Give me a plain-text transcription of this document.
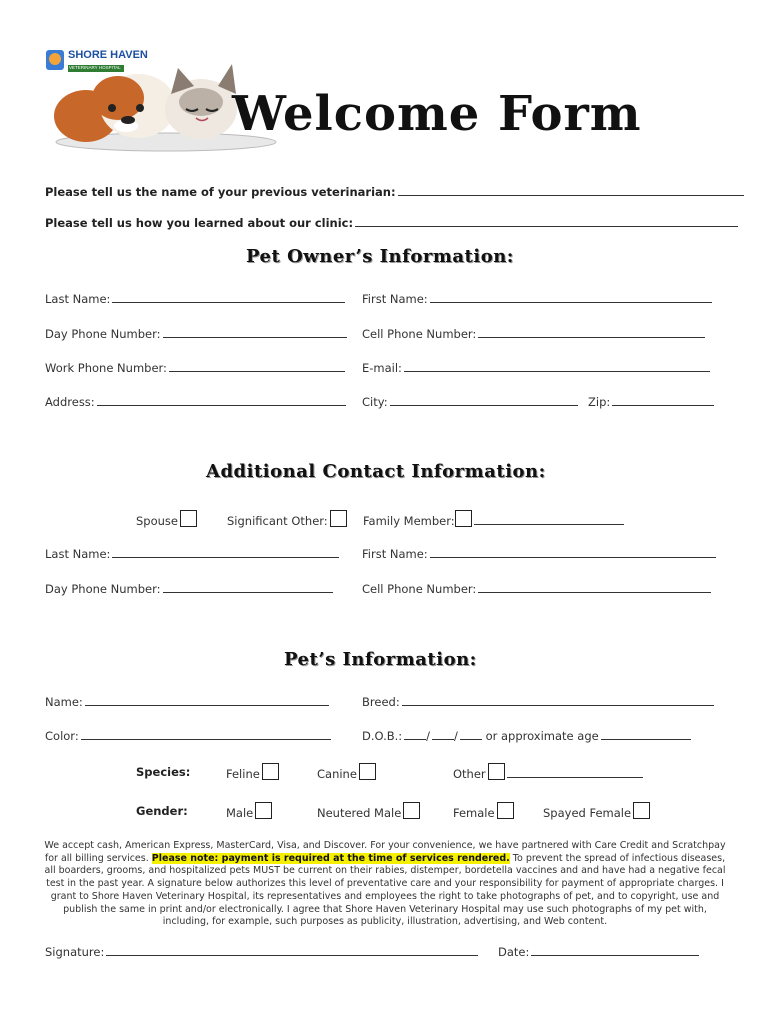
SHORE HAVEN
VETERINARY HOSPITAL
Welcome Form
Please tell us the name of your previous veterinarian:
Please tell us how you learned about our clinic:
Pet Owner’s Information:
Last Name:	First Name:
Day Phone Number:	Cell Phone Number:
Work Phone Number:	E-mail:
Address:	City:	Zip:
Additional Contact Information:
Spouse	Significant Other:	Family Member:
Last Name:	First Name:
Day Phone Number:	Cell Phone Number:
Pet’s Information:
Name:	Breed:
Color:	D.O.B.: / / or approximate age
Species:	Feline	Canine	Other
Gender:	Male	Neutered Male	Female	Spayed Female
We accept cash, American Express, MasterCard, Visa, and Discover. For your convenience, we have partnered with Care Credit and Scratchpay for all billing services. Please note: payment is required at the time of services rendered. To prevent the spread of infectious diseases, all boarders, grooms, and hospitalized pets MUST be current on their rabies, distemper, bordetella vaccines and and have had a negative fecal test in the past year. A signature below authorizes this level of preventative care and your responsibility for payment of appropriate charges. I grant to Shore Haven Veterinary Hospital, its representatives and employees the right to take photographs of pet, and to copyright, use and publish the same in print and/or electronically. I agree that Shore Haven Veterinary Hospital may use such photographs of my pet with, including, for example, such purposes as publicity, illustration, advertising, and Web content.
Signature:	Date:
